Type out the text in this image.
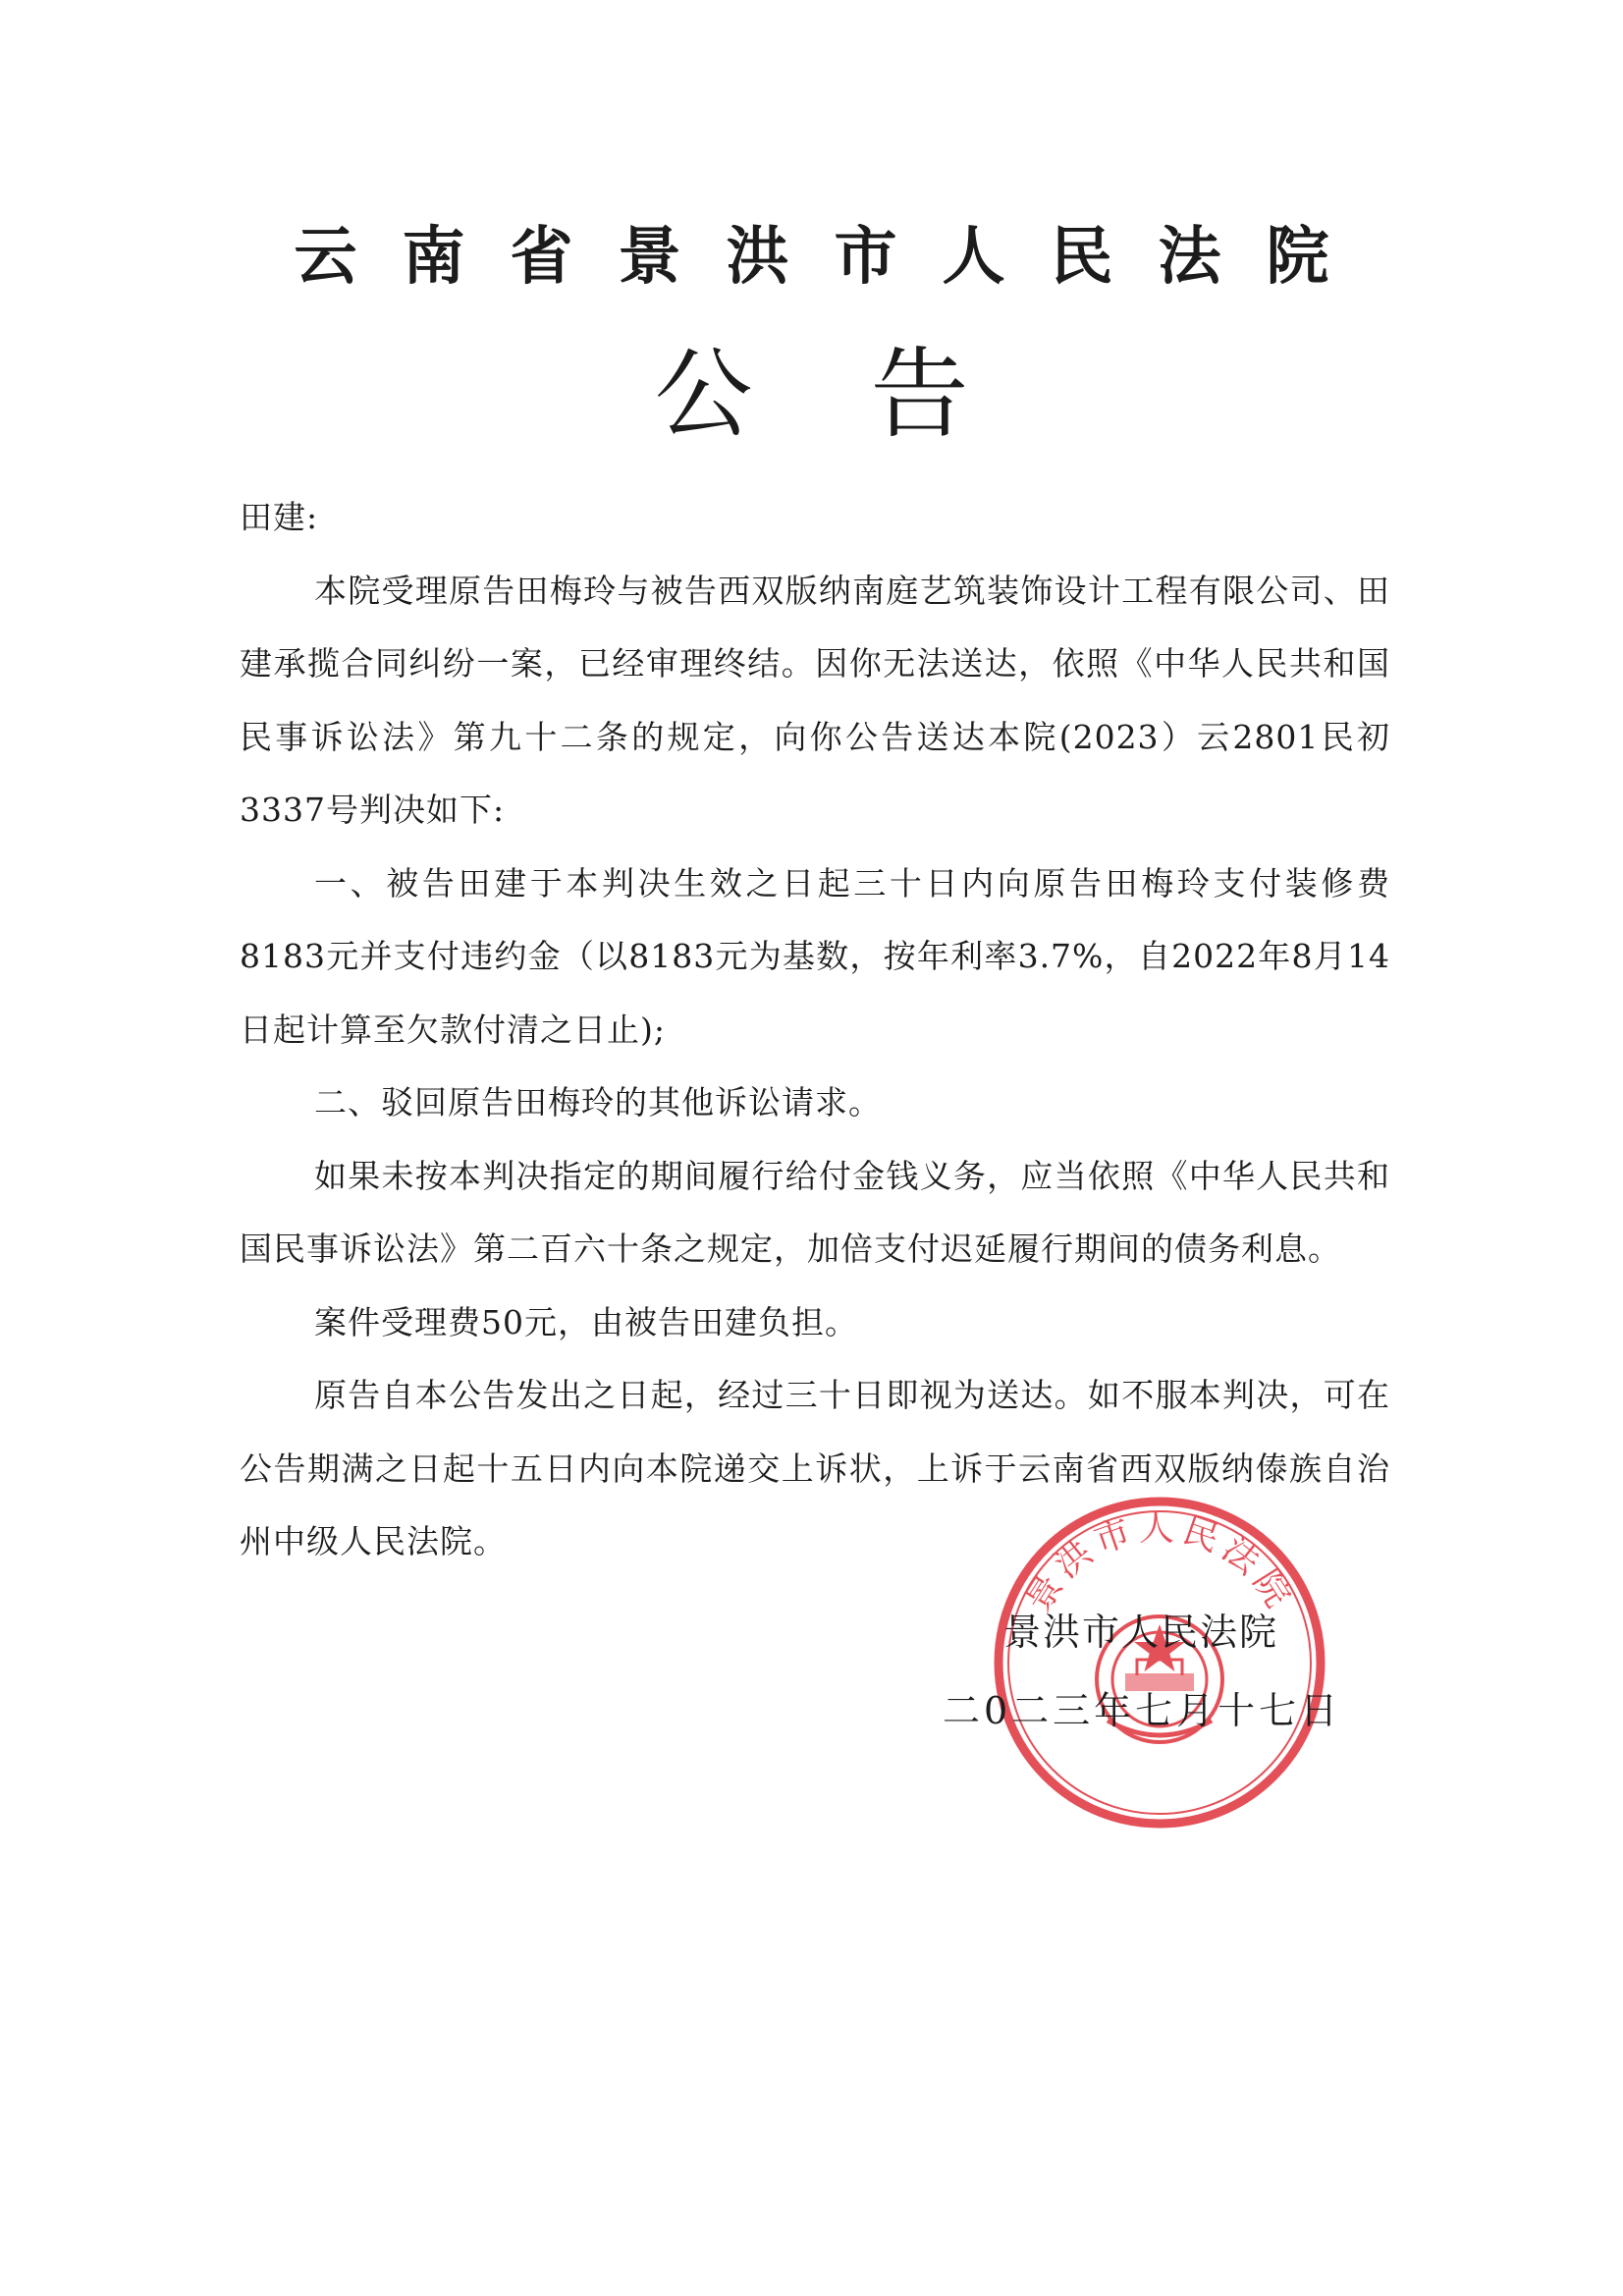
云南省景洪市人民法院
公告

田建:

本院受理原告田梅玲与被告西双版纳南庭艺筑装饰设计工程有限公司、田建承揽合同纠纷一案，已经审理终结。因你无法送达，依照《中华人民共和国民事诉讼法》第九十二条的规定，向你公告送达本院(2023）云2801民初3337号判决如下:

一、被告田建于本判决生效之日起三十日内向原告田梅玲支付装修费8183元并支付违约金（以8183元为基数，按年利率3.7%，自2022年8月14日起计算至欠款付清之日止);

二、驳回原告田梅玲的其他诉讼请求。

如果未按本判决指定的期间履行给付金钱义务，应当依照《中华人民共和国民事诉讼法》第二百六十条之规定，加倍支付迟延履行期间的债务利息。

案件受理费50元，由被告田建负担。

原告自本公告发出之日起，经过三十日即视为送达。如不服本判决，可在公告期满之日起十五日内向本院递交上诉状，上诉于云南省西双版纳傣族自治州中级人民法院。

景洪市人民法院
景洪市人民法院
二0二三年七月十七日
